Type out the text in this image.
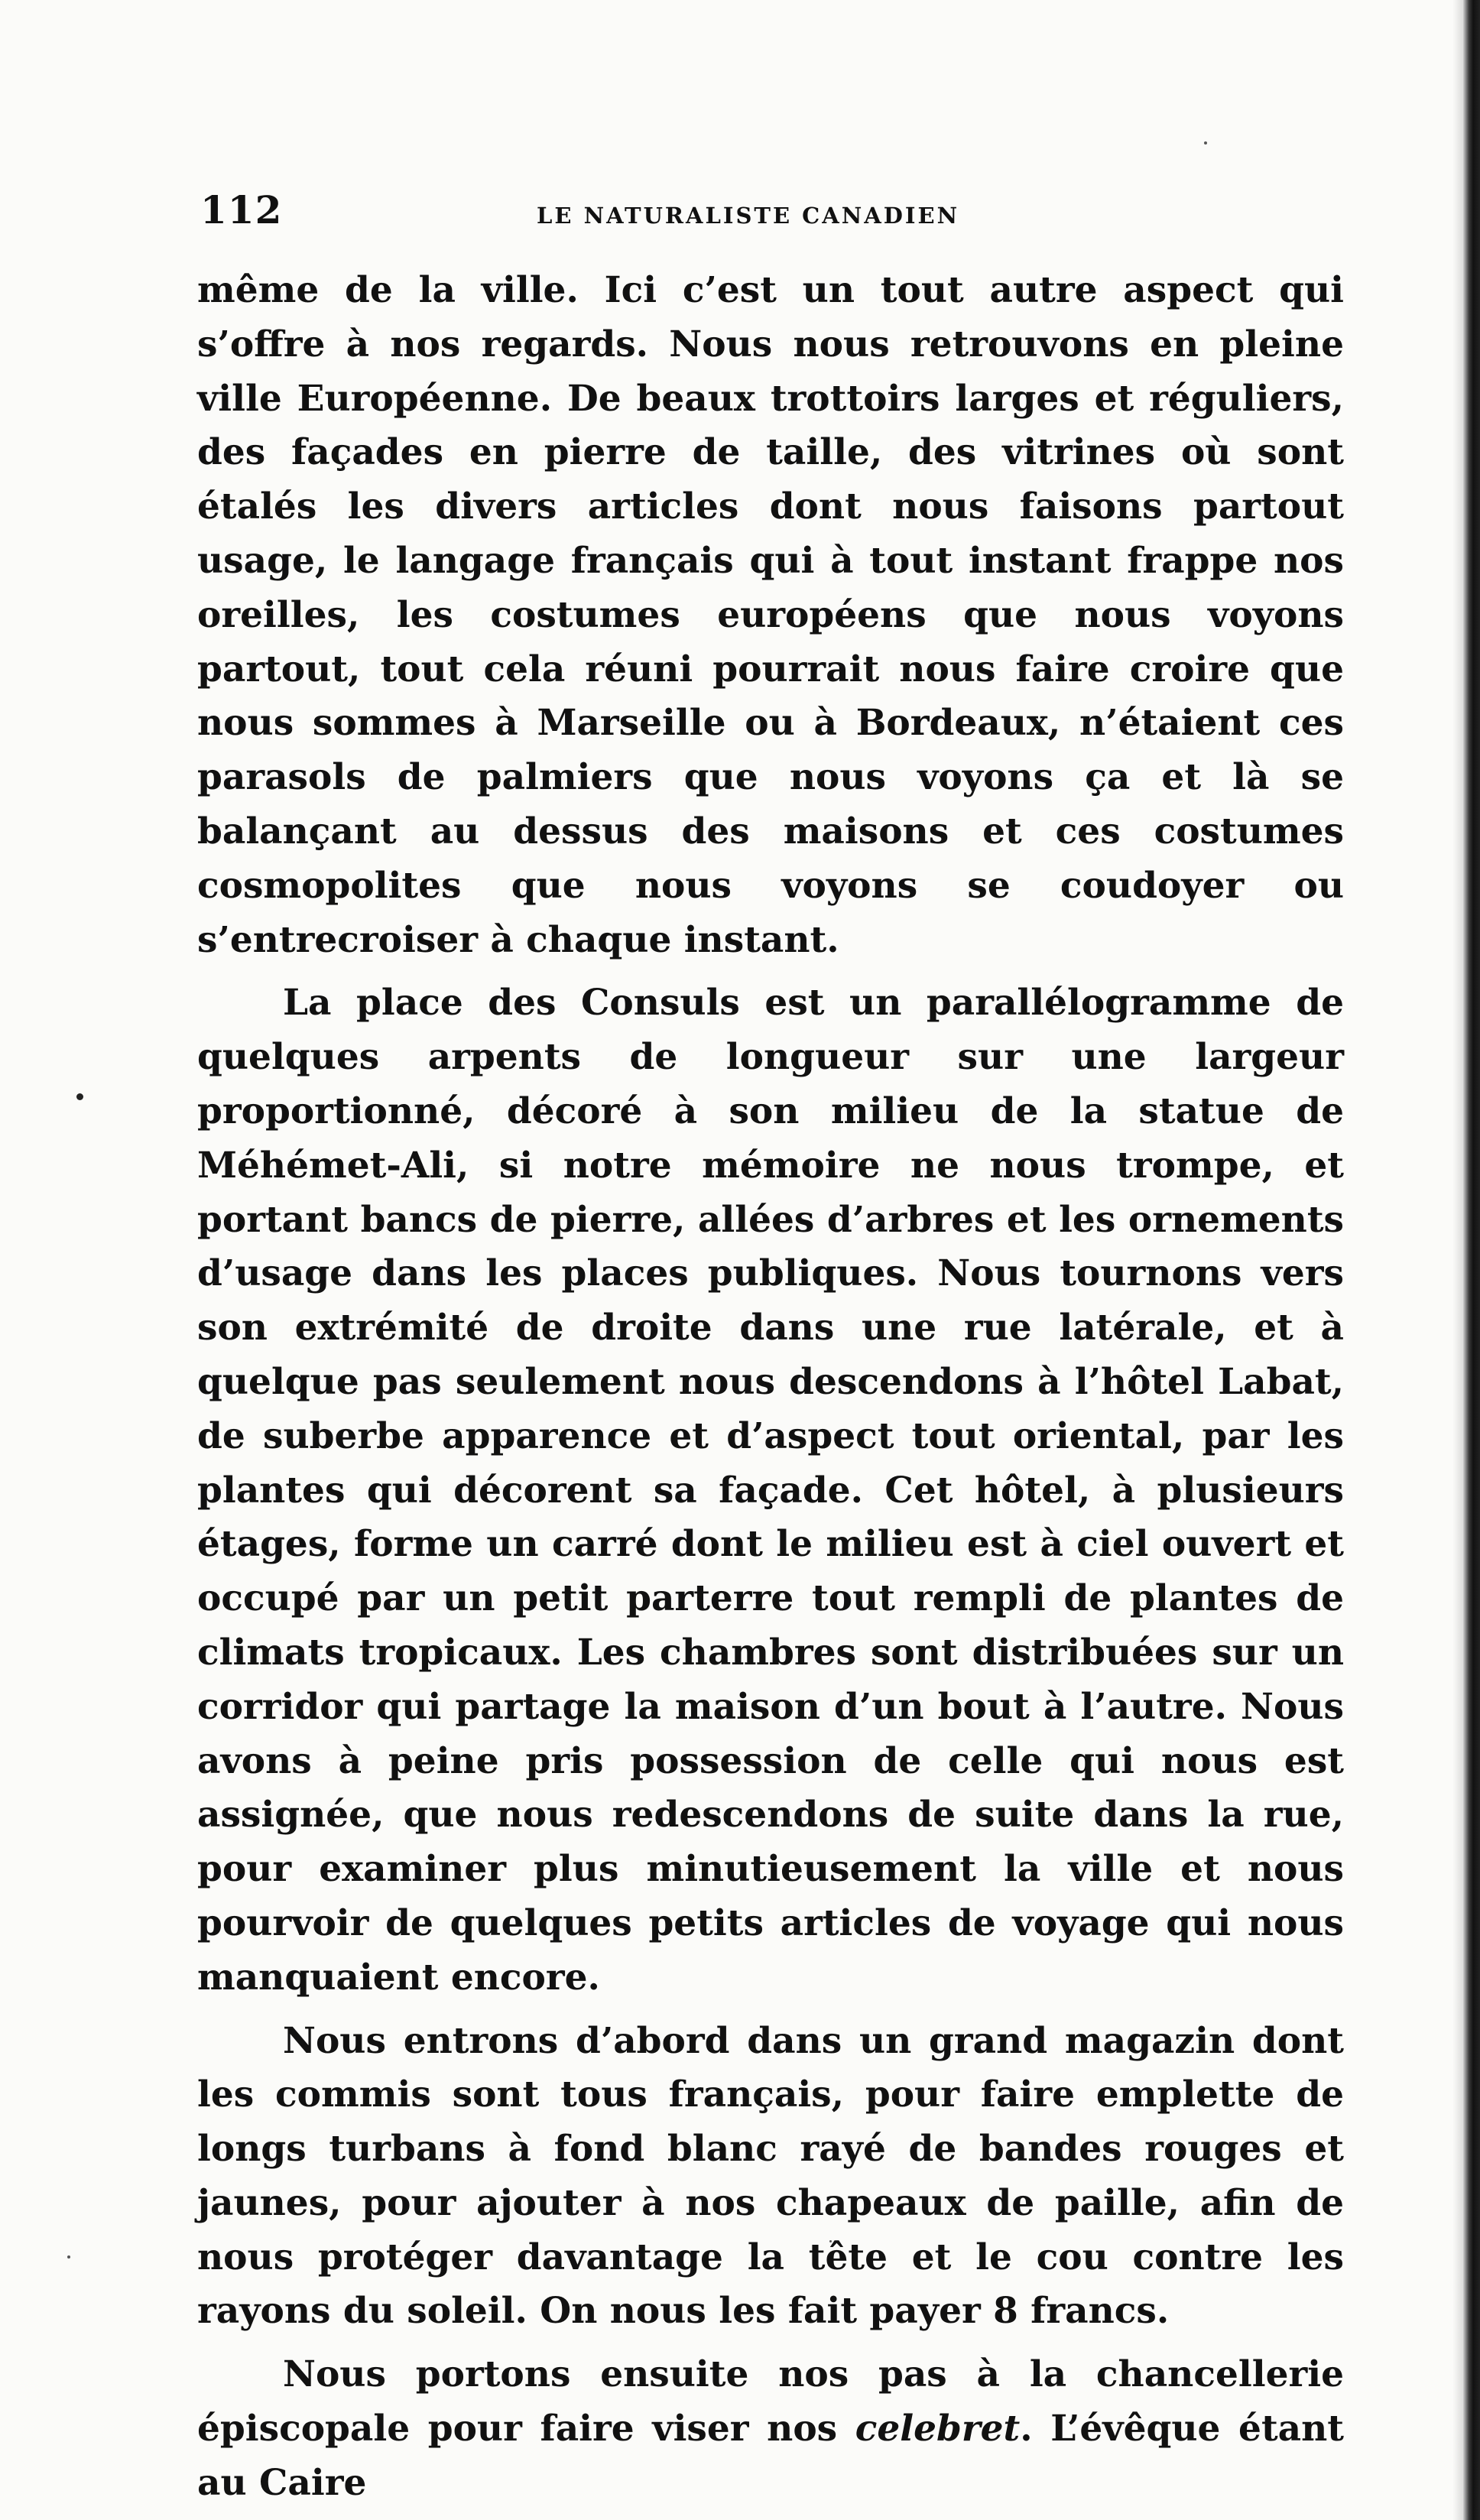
112	LE NATURALISTE CANADIEN

même de la ville. Ici c’est un tout autre aspect qui s’offre à nos regards. Nous nous retrouvons en pleine ville Européenne. De beaux trottoirs larges et réguliers, des façades en pierre de taille, des vitrines où sont étalés les divers articles dont nous faisons partout usage, le langage français qui à tout instant frappe nos oreilles, les costumes européens que nous voyons partout, tout cela réuni pourrait nous faire croire que nous sommes à Marseille ou à Bordeaux, n’étaient ces parasols de palmiers que nous voyons ça et là se balançant au dessus des maisons et ces costumes cosmopolites que nous voyons se coudoyer ou s’entrecroiser à chaque instant.

La place des Consuls est un parallélogramme de quelques arpents de longueur sur une largeur proportionné, décoré à son milieu de la statue de Méhémet-Ali, si notre mémoire ne nous trompe, et portant bancs de pierre, allées d’arbres et les ornements d’usage dans les places publiques. Nous tournons vers son extrémité de droite dans une rue latérale, et à quelque pas seulement nous descendons à l’hôtel Labat, de suberbe apparence et d’aspect tout oriental, par les plantes qui décorent sa façade. Cet hôtel, à plusieurs étages, forme un carré dont le milieu est à ciel ouvert et occupé par un petit parterre tout rempli de plantes de climats tropicaux. Les chambres sont distribuées sur un corridor qui partage la maison d’un bout à l’autre. Nous avons à peine pris possession de celle qui nous est assignée, que nous redescendons de suite dans la rue, pour examiner plus minutieusement la ville et nous pourvoir de quelques petits articles de voyage qui nous manquaient encore.

Nous entrons d’abord dans un grand magazin dont les commis sont tous français, pour faire emplette de longs turbans à fond blanc rayé de bandes rouges et jaunes, pour ajouter à nos chapeaux de paille, afin de nous protéger davantage la tête et le cou contre les rayons du soleil. On nous les fait payer 8 francs.

Nous portons ensuite nos pas à la chancellerie épiscopale pour faire viser nos celebret. L’évêque étant au Caire
